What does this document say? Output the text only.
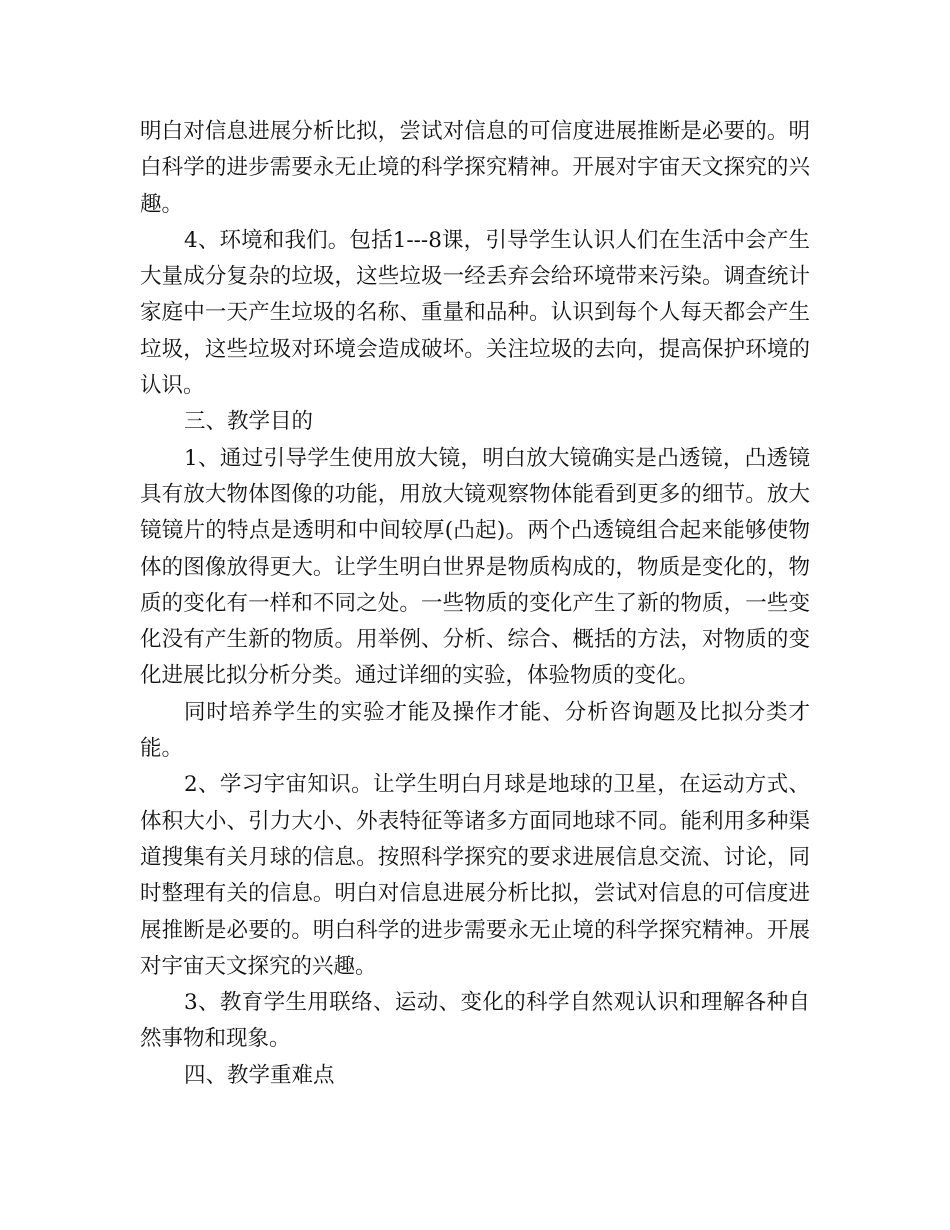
明白对信息进展分析比拟，尝试对信息的可信度进展推断是必要的。明白科学的进步需要永无止境的科学探究精神。开展对宇宙天文探究的兴趣。

4、环境和我们。包括1---8课，引导学生认识人们在生活中会产生大量成分复杂的垃圾，这些垃圾一经丢弃会给环境带来污染。调查统计家庭中一天产生垃圾的名称、重量和品种。认识到每个人每天都会产生垃圾，这些垃圾对环境会造成破坏。关注垃圾的去向，提高保护环境的认识。

三、教学目的

1、通过引导学生使用放大镜，明白放大镜确实是凸透镜，凸透镜具有放大物体图像的功能，用放大镜观察物体能看到更多的细节。放大镜镜片的特点是透明和中间较厚(凸起)。两个凸透镜组合起来能够使物体的图像放得更大。让学生明白世界是物质构成的，物质是变化的，物质的变化有一样和不同之处。一些物质的变化产生了新的物质，一些变化没有产生新的物质。用举例、分析、综合、概括的方法，对物质的变化进展比拟分析分类。通过详细的实验，体验物质的变化。

同时培养学生的实验才能及操作才能、分析咨询题及比拟分类才能。

2、学习宇宙知识。让学生明白月球是地球的卫星，在运动方式、体积大小、引力大小、外表特征等诸多方面同地球不同。能利用多种渠道搜集有关月球的信息。按照科学探究的要求进展信息交流、讨论，同时整理有关的信息。明白对信息进展分析比拟，尝试对信息的可信度进展推断是必要的。明白科学的进步需要永无止境的科学探究精神。开展对宇宙天文探究的兴趣。

3、教育学生用联络、运动、变化的科学自然观认识和理解各种自然事物和现象。

四、教学重难点
